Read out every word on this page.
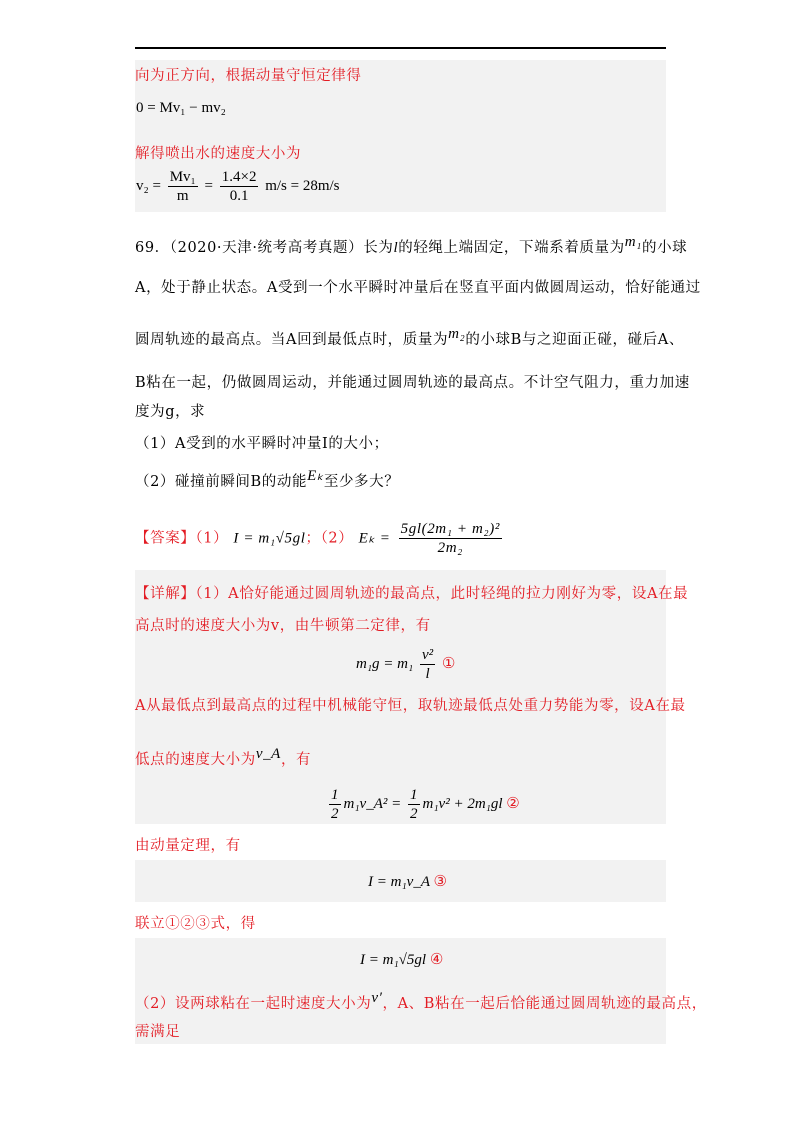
向为正方向，根据动量守恒定律得
0 = Mv₁ − mv₂
解得喷出水的速度大小为
$v_2 = \frac{\text{Mv₁}}{m} = \frac{1.4\times 2}{0.1} m/s = 28m/s$
69．（2020·天津·统考高考真题）长为l的轻绳上端固定，下端系着质量为$^{m_1}$的小球
A，处于静止状态。A受到一个水平瞬时冲量后在竖直平面内做圆周运动，恰好能通过
圆周轨迹的最高点。当A回到最低点时，质量为$^{m_2}$的小球B与之迎面正碰，碰后A、
B粘在一起，仍做圆周运动，并能通过圆周轨迹的最高点。不计空气阻力，重力加速
度为g，求
（1）A受到的水平瞬时冲量I的大小；
（2）碰撞前瞬间B的动能$^{E_k}$至少多大？
【答案】（1） I = m₁√5gl；（2） $E_k = \frac{\text{5gl(2m₁ + m₂)²}}{\text{2m₂}}$
【详解】（1）A恰好能通过圆周轨迹的最高点，此时轻绳的拉力刚好为零，设A在最
高点时的速度大小为v，由牛顿第二定律，有
$m_1g = m_1 \frac{\text{v²}}{l}$ ①
A从最低点到最高点的过程中机械能守恒，取轨迹最低点处重力势能为零，设A在最
低点的速度大小为$^{v\_A}$，有
$\frac{1}{2}$ m₁v_A² = $\frac{1}{2} m_1v^2 + 2m_1gl$ ②
由动量定理，有
I = m₁v_A ③
联立①②③式，得
I = m₁√5gl ④
（2）设两球粘在一起时速度大小为$^{v'}$，A、B粘在一起后恰能通过圆周轨迹的最高点，
需满足
